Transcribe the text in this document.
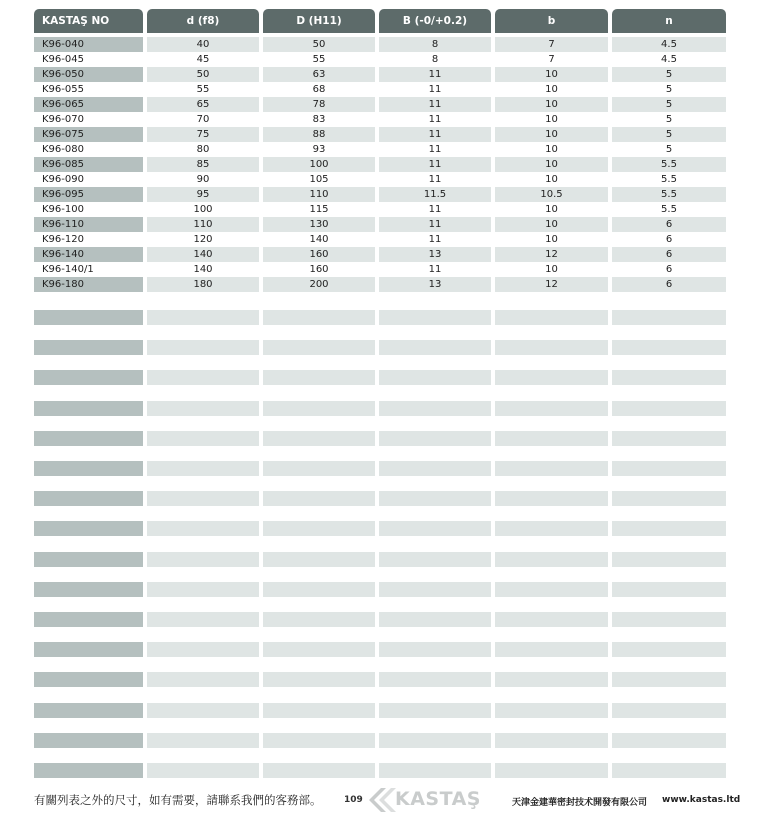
KASTAŞ NO	d (f8)	D (H11)	B (-0/+0.2)	b	n
K96-040	40	50	8	7	4.5
K96-045	45	55	8	7	4.5
K96-050	50	63	11	10	5
K96-055	55	68	11	10	5
K96-065	65	78	11	10	5
K96-070	70	83	11	10	5
K96-075	75	88	11	10	5
K96-080	80	93	11	10	5
K96-085	85	100	11	10	5.5
K96-090	90	105	11	10	5.5
K96-095	95	110	11.5	10.5	5.5
K96-100	100	115	11	10	5.5
K96-110	110	130	11	10	6
K96-120	120	140	11	10	6
K96-140	140	160	13	12	6
K96-140/1	140	160	11	10	6
K96-180	180	200	13	12	6
有關列表之外的尺寸，如有需要，請聯系我們的客務部。	109 KASTAŞ	天津金建華密封技术開發有限公司 www.kastas.ltd
